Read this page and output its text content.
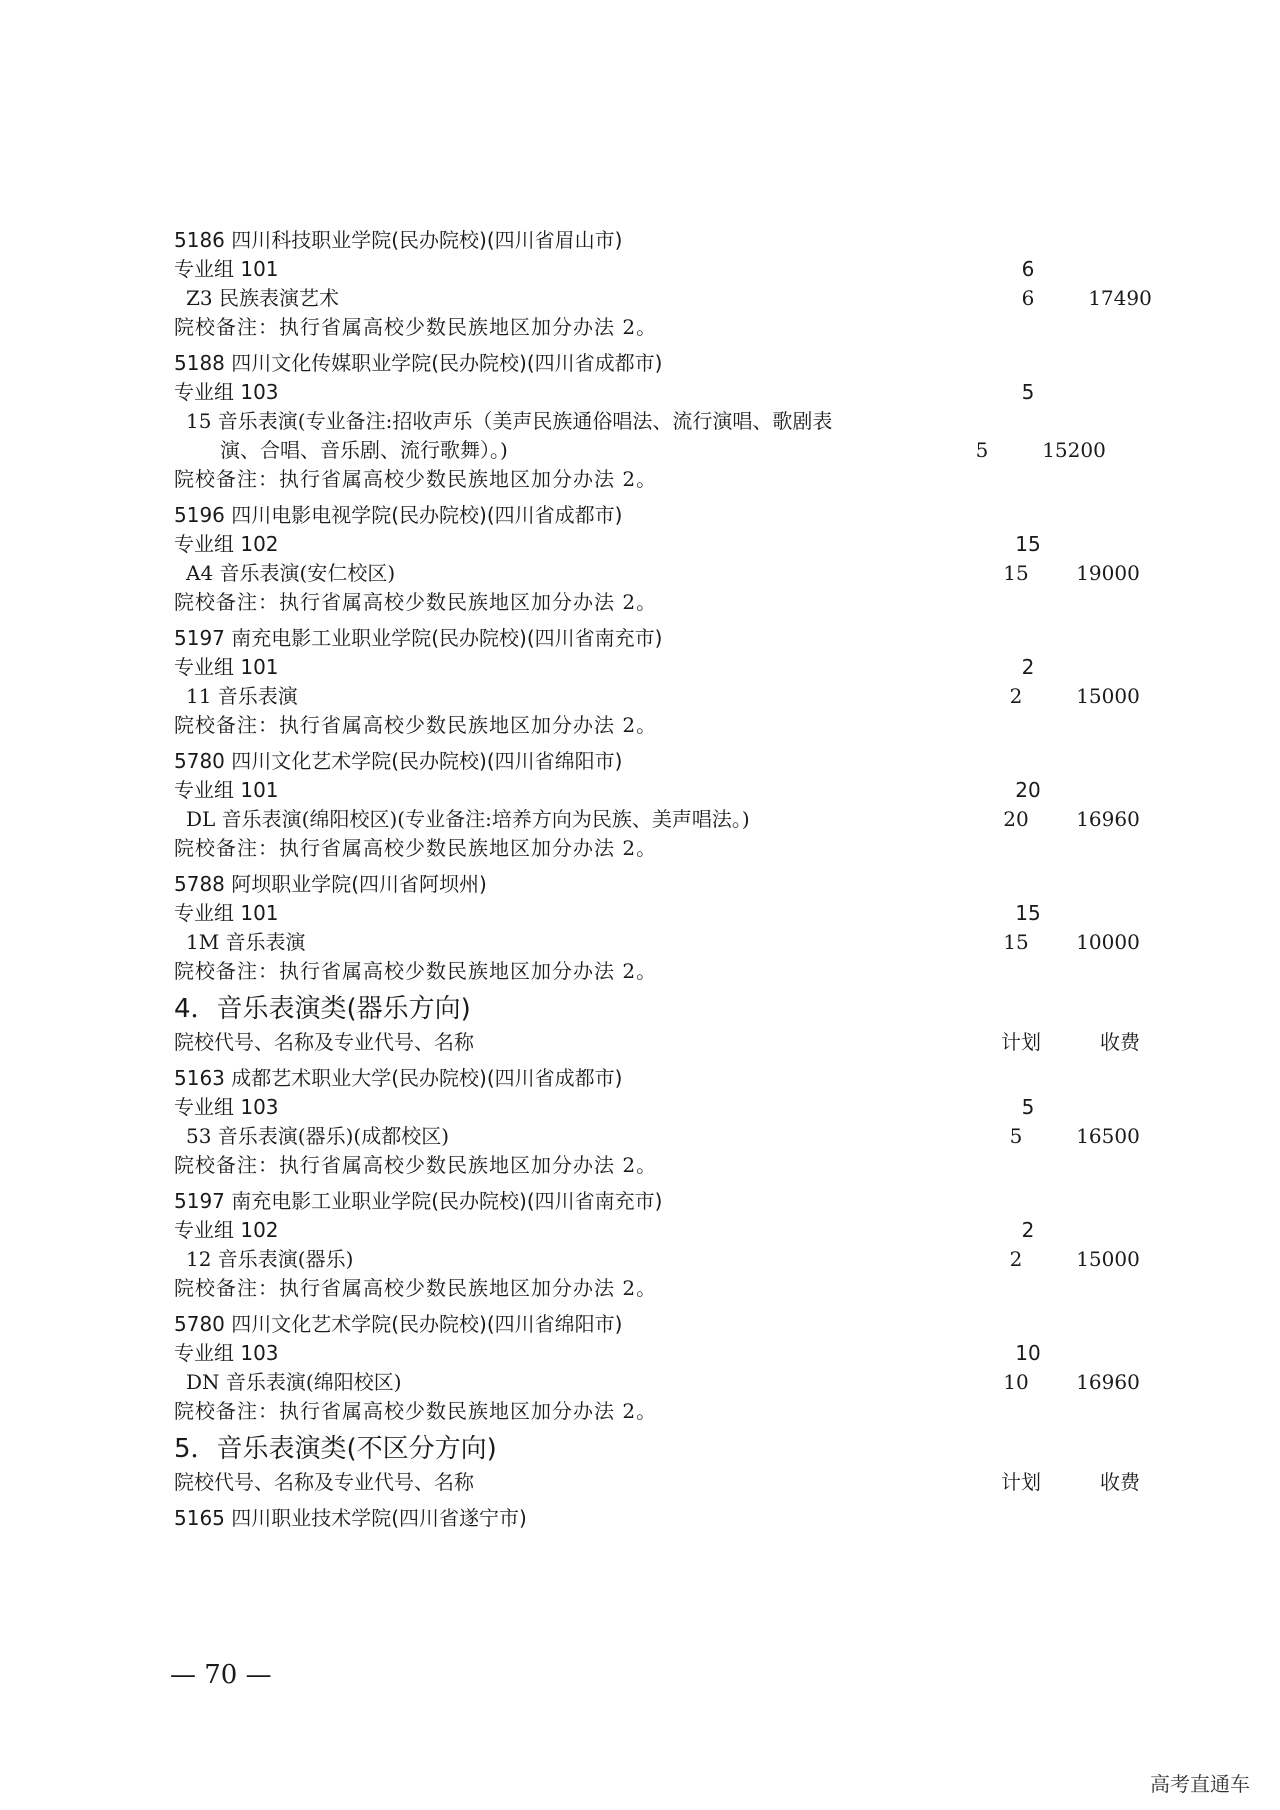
5186 四川科技职业学院(民办院校)(四川省眉山市)
专业组 101	6
Z3 民族表演艺术	6	17490
院校备注：执行省属高校少数民族地区加分办法 2。
5188 四川文化传媒职业学院(民办院校)(四川省成都市)
专业组 103	5
15 音乐表演(专业备注:招收声乐（美声民族通俗唱法、流行演唱、歌剧表
演、合唱、音乐剧、流行歌舞）。)	5	15200
院校备注：执行省属高校少数民族地区加分办法 2。
5196 四川电影电视学院(民办院校)(四川省成都市)
专业组 102	15
A4 音乐表演(安仁校区)	15	19000
院校备注：执行省属高校少数民族地区加分办法 2。
5197 南充电影工业职业学院(民办院校)(四川省南充市)
专业组 101	2
11 音乐表演	2	15000
院校备注：执行省属高校少数民族地区加分办法 2。
5780 四川文化艺术学院(民办院校)(四川省绵阳市)
专业组 101	20
DL 音乐表演(绵阳校区)(专业备注:培养方向为民族、美声唱法。)	20	16960
院校备注：执行省属高校少数民族地区加分办法 2。
5788 阿坝职业学院(四川省阿坝州)
专业组 101	15
1M 音乐表演	15	10000
院校备注：执行省属高校少数民族地区加分办法 2。
4．音乐表演类(器乐方向)
院校代号、名称及专业代号、名称	计划	收费
5163 成都艺术职业大学(民办院校)(四川省成都市)
专业组 103	5
53 音乐表演(器乐)(成都校区)	5	16500
院校备注：执行省属高校少数民族地区加分办法 2。
5197 南充电影工业职业学院(民办院校)(四川省南充市)
专业组 102	2
12 音乐表演(器乐)	2	15000
院校备注：执行省属高校少数民族地区加分办法 2。
5780 四川文化艺术学院(民办院校)(四川省绵阳市)
专业组 103	10
DN 音乐表演(绵阳校区)	10	16960
院校备注：执行省属高校少数民族地区加分办法 2。
5．音乐表演类(不区分方向)
院校代号、名称及专业代号、名称	计划	收费
5165 四川职业技术学院(四川省遂宁市)
— 70 —
高考直通车
